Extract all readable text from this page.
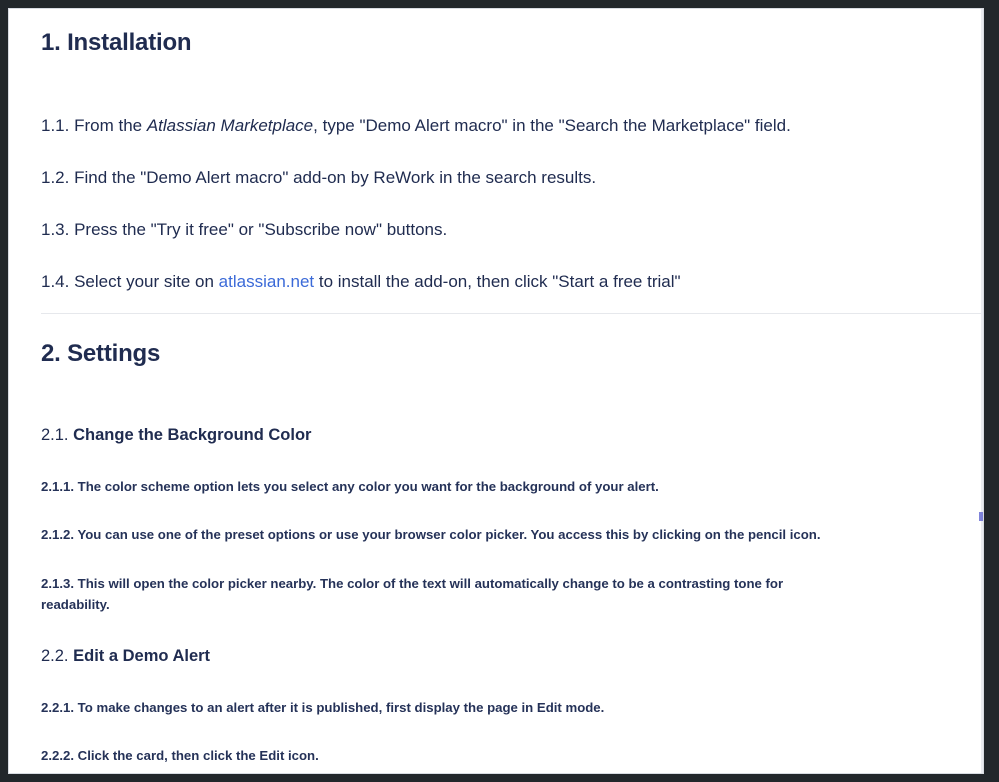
1. Installation

1.1. From the Atlassian Marketplace, type "Demo Alert macro" in the "Search the Marketplace" field.

1.2. Find the "Demo Alert macro" add-on by ReWork in the search results.

1.3. Press the "Try it free" or "Subscribe now" buttons.

1.4. Select your site on atlassian.net to install the add-on, then click "Start a free trial"

2. Settings

2.1. Change the Background Color

2.1.1. The color scheme option lets you select any color you want for the background of your alert.

2.1.2. You can use one of the preset options or use your browser color picker. You access this by clicking on the pencil icon.

2.1.3. This will open the color picker nearby. The color of the text will automatically change to be a contrasting tone for readability.

2.2. Edit a Demo Alert

2.2.1. To make changes to an alert after it is published, first display the page in Edit mode.

2.2.2. Click the card, then click the Edit icon.
